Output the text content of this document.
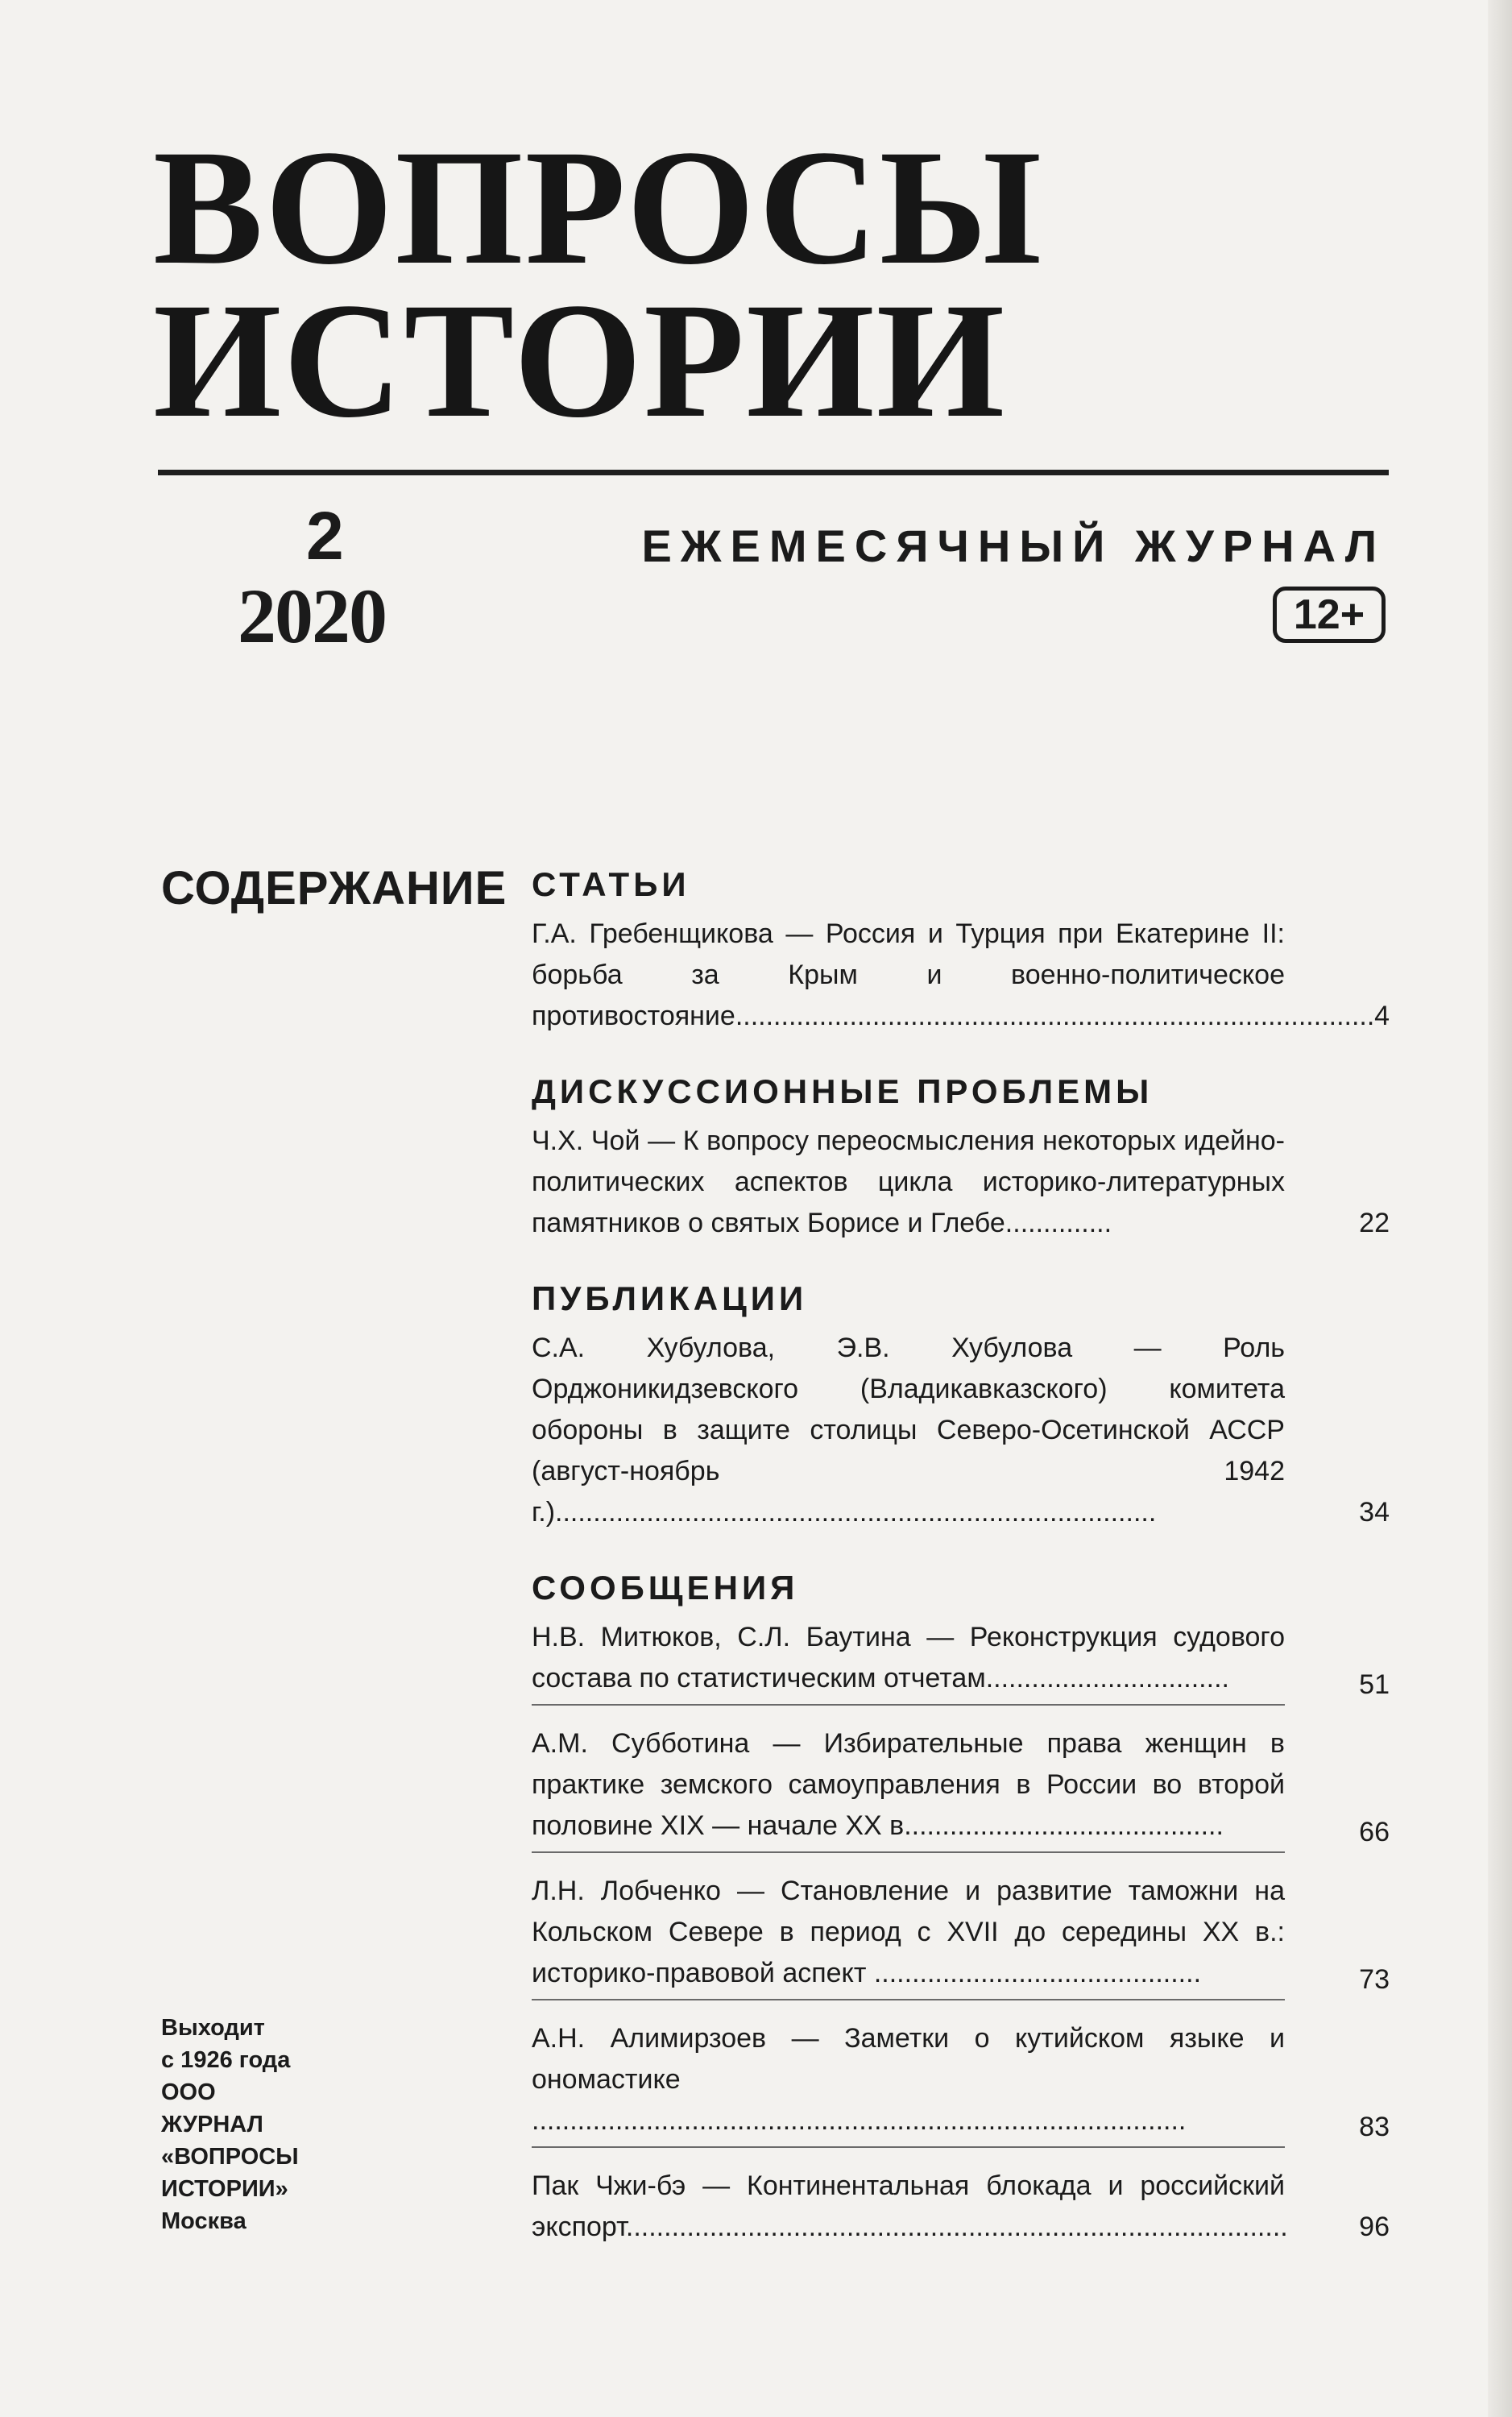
ВОПРОСЫ
ИСТОРИИ
2
2020
ЕЖЕМЕСЯЧНЫЙ ЖУРНАЛ
12+
СОДЕРЖАНИЕ СТАТЬИ
Г.А. Гребенщикова — Россия и Турция при Екатерине II: борьба за Крым и военно-политическое противостояние.................................................................................... 4
ДИСКУССИОННЫЕ ПРОБЛЕМЫ
Ч.Х. Чой — К вопросу переосмысления некоторых идейно-политических аспектов цикла историко-литературных памятников о святых Борисе и Глебе..............	22
ПУБЛИКАЦИИ
С.А. Хубулова, Э.В. Хубулова — Роль Орджоникидзевского (Владикавказского) комитета обороны в защите столицы Северо-Осетинской АССР (август-ноябрь 1942 г.)...............................................................................	34
СООБЩЕНИЯ
Н.В. Митюков, С.Л. Баутина — Реконструкция судового состава по статистическим отчетам................................	51
А.М. Субботина — Избирательные права женщин в практике земского самоуправления в России во второй половине XIX — начале XX в..........................................	66
Л.Н. Лобченко — Становление и развитие таможни на Кольском Севере в период с XVII до середины XX в.: историко-правовой аспект ...........................................	73
А.Н. Алимирзоев — Заметки о кутийском языке и ономастике ......................................................................................	83
Пак Чжи-бэ — Континентальная блокада и российский экспорт.......................................................................................	96
Выходит
с 1926 года
ООО
ЖУРНАЛ
«ВОПРОСЫ
ИСТОРИИ»
Москва
